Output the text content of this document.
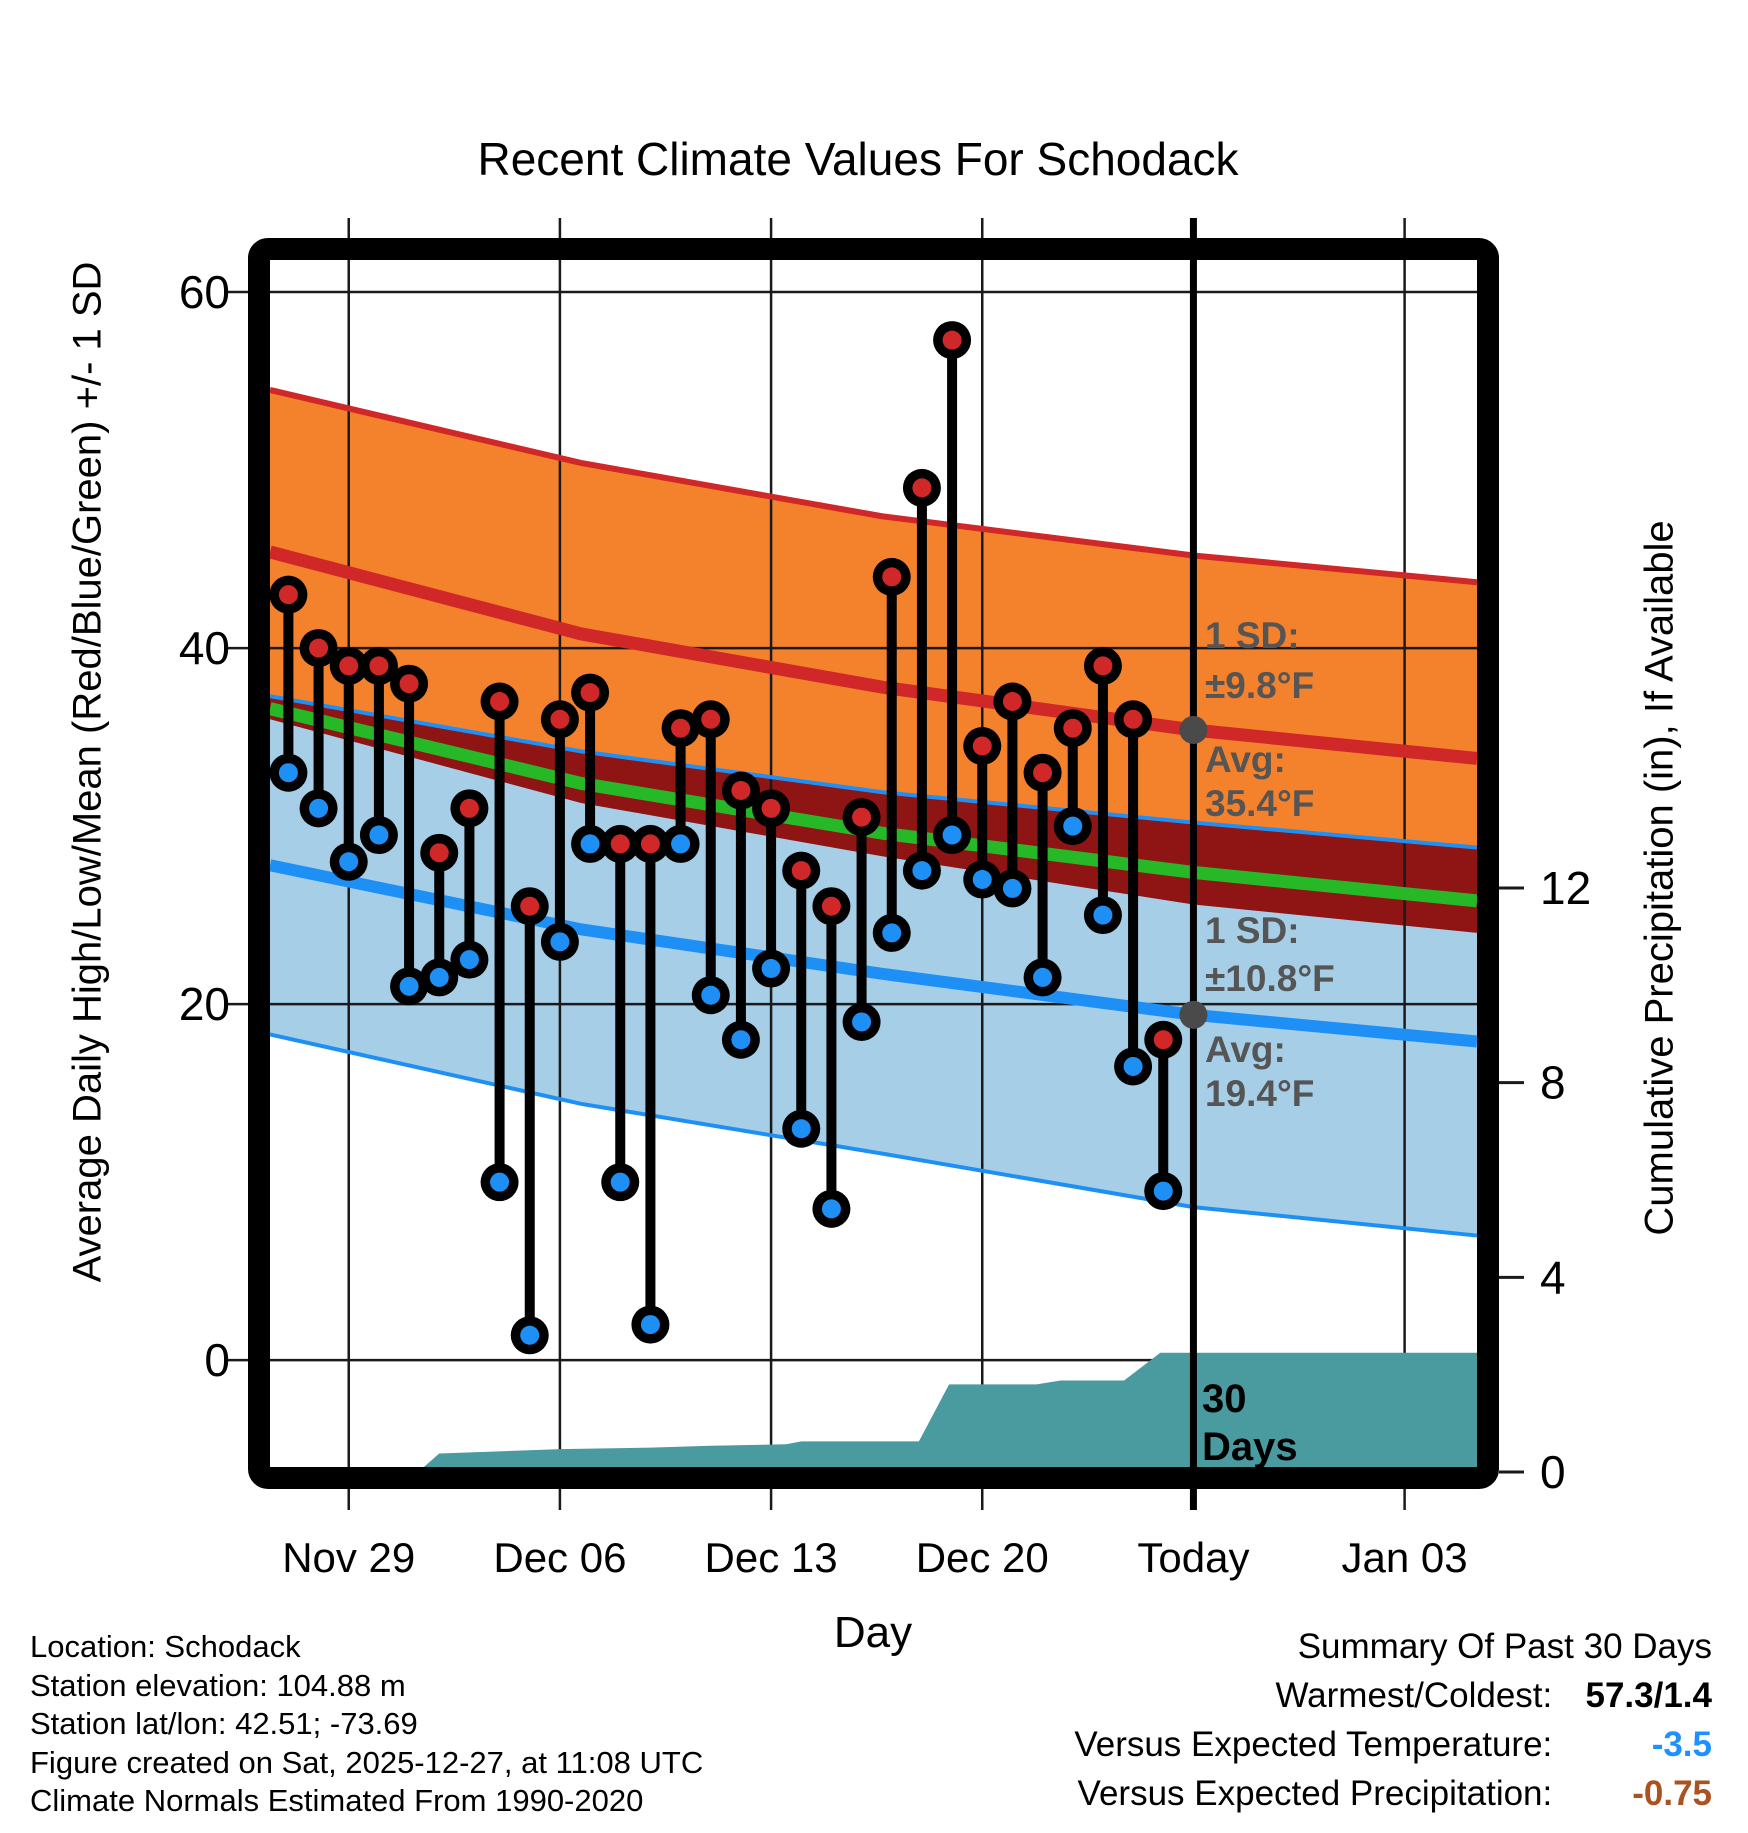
1 SD:
±9.8°F
Avg:
35.4°F
1 SD:
±10.8°F
Avg:
19.4°F
30
Days
0
20
40
60
0
4
8
12
Nov 29 Dec 06 Dec 13 Dec 20 Today Jan 03
Recent Climate Values For Schodack
Average Daily High/Low/Mean (Red/Blue/Green) +/- 1 SD	Cumulative Precipitation (in), If Available
Day
Location: Schodack
Station elevation: 104.88 m
Station lat/lon: 42.51; -73.69
Figure created on Sat, 2025-12-27, at 11:08 UTC
Climate Normals Estimated From 1990-2020
Summary Of Past 30 Days
Warmest/Coldest: 57.3/1.4
Versus Expected Temperature:	-3.5
Versus Expected Precipitation: -0.75
